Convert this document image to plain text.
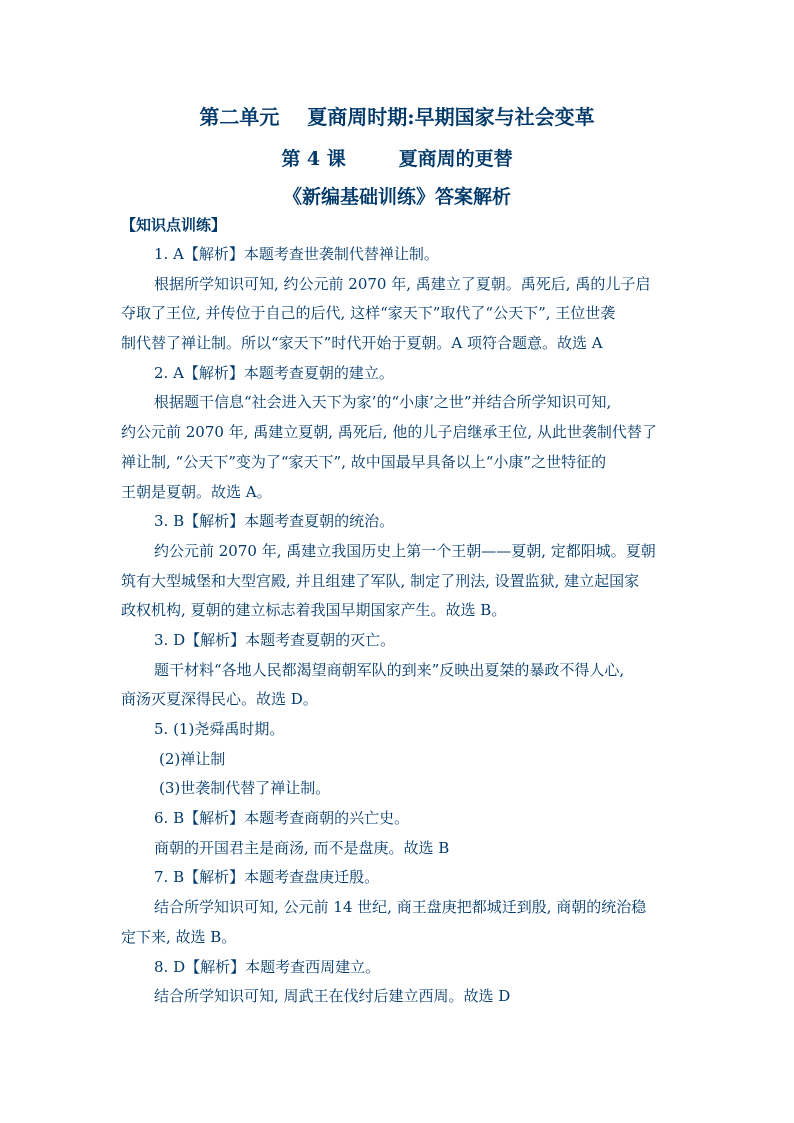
第二单元    夏商周时期:早期国家与社会变革
第 4 课        夏商周的更替
《新编基础训练》答案解析
【知识点训练】
1. A【解析】本题考查世袭制代替禅让制。
根据所学知识可知, 约公元前 2070 年, 禹建立了夏朝。禹死后, 禹的儿子启
夺取了王位, 并传位于自己的后代, 这样“家天下”取代了“公天下”, 王位世袭
制代替了禅让制。所以“家天下”时代开始于夏朝。A 项符合题意。故选 A
2. A【解析】本题考查夏朝的建立。
根据题干信息“社会进入天下为家’的“小康’之世”并结合所学知识可知,
约公元前 2070 年, 禹建立夏朝, 禹死后, 他的儿子启继承王位, 从此世袭制代替了
禅让制, “公天下”变为了“家天下”, 故中国最早具备以上“小康”之世特征的
王朝是夏朝。故选 A。
3. B【解析】本题考查夏朝的统治。
约公元前 2070 年, 禹建立我国历史上第一个王朝——夏朝, 定都阳城。夏朝
筑有大型城堡和大型宫殿, 并且组建了军队, 制定了刑法, 设置监狱, 建立起国家
政权机构, 夏朝的建立标志着我国早期国家产生。故选 B。
3. D【解析】本题考查夏朝的灭亡。
题干材料“各地人民都渴望商朝军队的到来”反映出夏桀的暴政不得人心,
商汤灭夏深得民心。故选 D。
5. (1)尧舜禹时期。
(2)禅让制
(3)世袭制代替了禅让制。
6. B【解析】本题考查商朝的兴亡史。
商朝的开国君主是商汤, 而不是盘庚。故选 B
7. B【解析】本题考查盘庚迁殷。
结合所学知识可知, 公元前 14 世纪, 商王盘庚把都城迁到殷, 商朝的统治稳
定下来, 故选 B。
8. D【解析】本题考查西周建立。
结合所学知识可知, 周武王在伐纣后建立西周。故选 D
